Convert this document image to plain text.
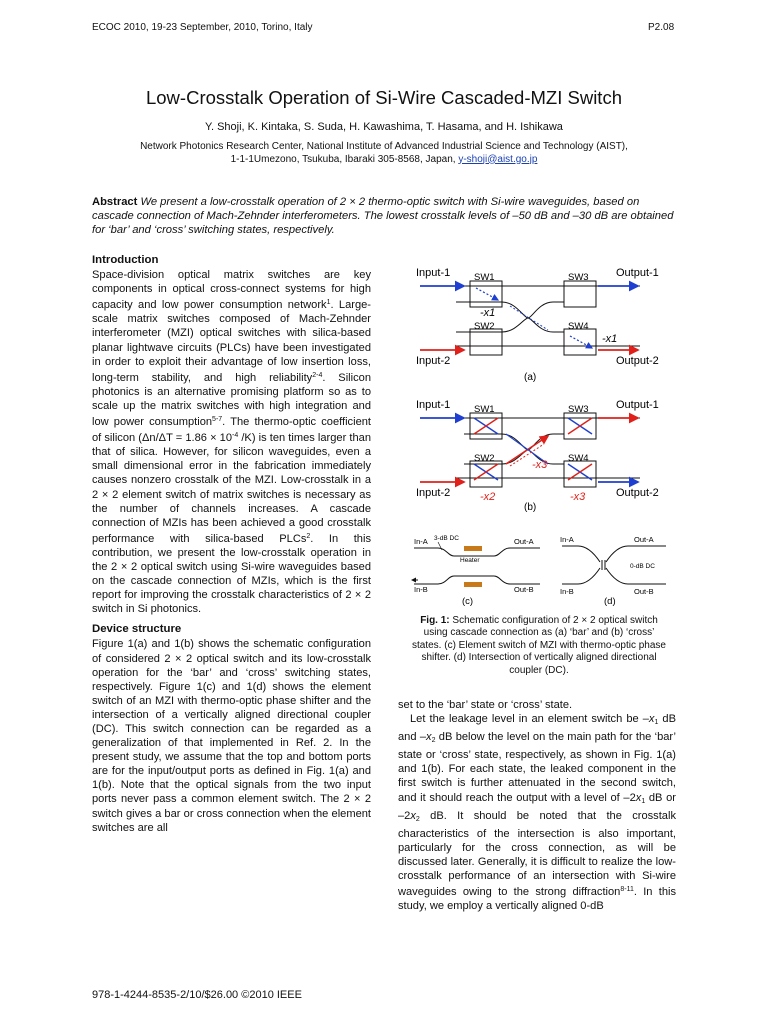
ECOC 2010, 19-23 September, 2010, Torino, Italy	P2.08
Low-Crosstalk Operation of Si-Wire Cascaded-MZI Switch
Y. Shoji, K. Kintaka, S. Suda, H. Kawashima, T. Hasama, and H. Ishikawa
Network Photonics Research Center, National Institute of Advanced Industrial Science and Technology (AIST),
1-1-1Umezono, Tsukuba, Ibaraki 305-8568, Japan, y-shoji@aist.go.jp
Abstract We present a low-crosstalk operation of 2 × 2 thermo-optic switch with Si-wire waveguides, based on cascade connection of Mach-Zehnder interferometers. The lowest crosstalk levels of –50 dB and –30 dB are obtained for ‘bar’ and ‘cross’ switching states, respectively.
Introduction

Space-division optical matrix switches are key components in optical cross-connect systems for high capacity and low power consumption network$^1$. Large-scale matrix switches composed of Mach-Zehnder interferometer (MZI) optical switches with silica-based planar lightwave circuits (PLCs) have been investigated in order to exploit their advantage of low insertion loss, long-term stability, and high reliability$^{2-4}$. Silicon photonics is an alternative promising platform so as to scale up the matrix switches with high integration and low power consumption$^{5-7}$. The thermo-optic coefficient of silicon ($\Delta n/\Delta T = 1.86 \times 10^{-4}$ /K) is ten times larger than that of silica. However, for silicon waveguides, even a small dimensional error in the fabrication immediately causes nonzero crosstalk of the MZI. Low-crosstalk in a 2 × 2 element switch of matrix switches is necessary as the number of channels increases. A cascade connection of MZIs has been achieved a good crosstalk performance with silica-based PLCs$^2$. In this contribution, we present the low-crosstalk operation in the 2 × 2 optical switch using Si-wire waveguides based on the cascade connection of MZIs, which is the first report for improving the crosstalk characteristics of 2 × 2 switch in Si photonics.

Device structure

Figure 1(a) and 1(b) shows the schematic configuration of considered 2 × 2 optical switch and its low-crosstalk operation for the ‘bar’ and ‘cross’ switching states, respectively. Figure 1(c) and 1(d) shows the element switch of an MZI with thermo-optic phase shifter and the intersection of a vertically aligned directional coupler (DC). This switch connection can be regarded as a generalization of that implemented in Ref. 2. In the present study, we assume that the top and bottom ports are for the input/output ports as defined in Fig. 1(a) and 1(b). Note that the optical signals from the two input ports never pass a common element switch. The 2 × 2 switch gives a bar or cross connection when the element switches are all

set to the ‘bar’ state or ‘cross’ state.

Let the leakage level in an element switch be $-x_1$ dB and $-x_2$ dB below the level on the main path for the ‘bar’ state or ‘cross’ state, respectively, as shown in Fig. 1(a) and 1(b). For each state, the leaked component in the first switch is further attenuated in the second switch, and it should reach the output with a level of $-2x_1$ dB or $-2x_2$ dB. It should be noted that the crosstalk characteristics of the intersection is also important, particularly for the cross connection, as will be discussed later. Generally, it is difficult to realize the low-crosstalk performance of an intersection with Si-wire waveguides owing to the strong diffraction$^{8-11}$. In this study, we employ a vertically aligned 0-dB

Input-1	Output-1
Input-2	Output-2
SW1	SW3
SW2	SW4
-x1
-x1
(a)
Input-1	Output-1
Input-2	Output-2
SW1	SW3
SW2	SW4
-x3
-x2	-x3
(b)
In-A 3-dB DC	Out-A
Heater
In-B	Out-B
(c)
In-A	Out-A
0-dB DC
In-B	Out-B
(d)
Fig. 1: Schematic configuration of 2 × 2 optical switch using cascade connection as (a) ‘bar’ and (b) ‘cross’ states. (c) Element switch of MZI with thermo-optic phase shifter. (d) Intersection of vertically aligned directional coupler (DC).
978-1-4244-8535-2/10/$26.00 ©2010 IEEE
